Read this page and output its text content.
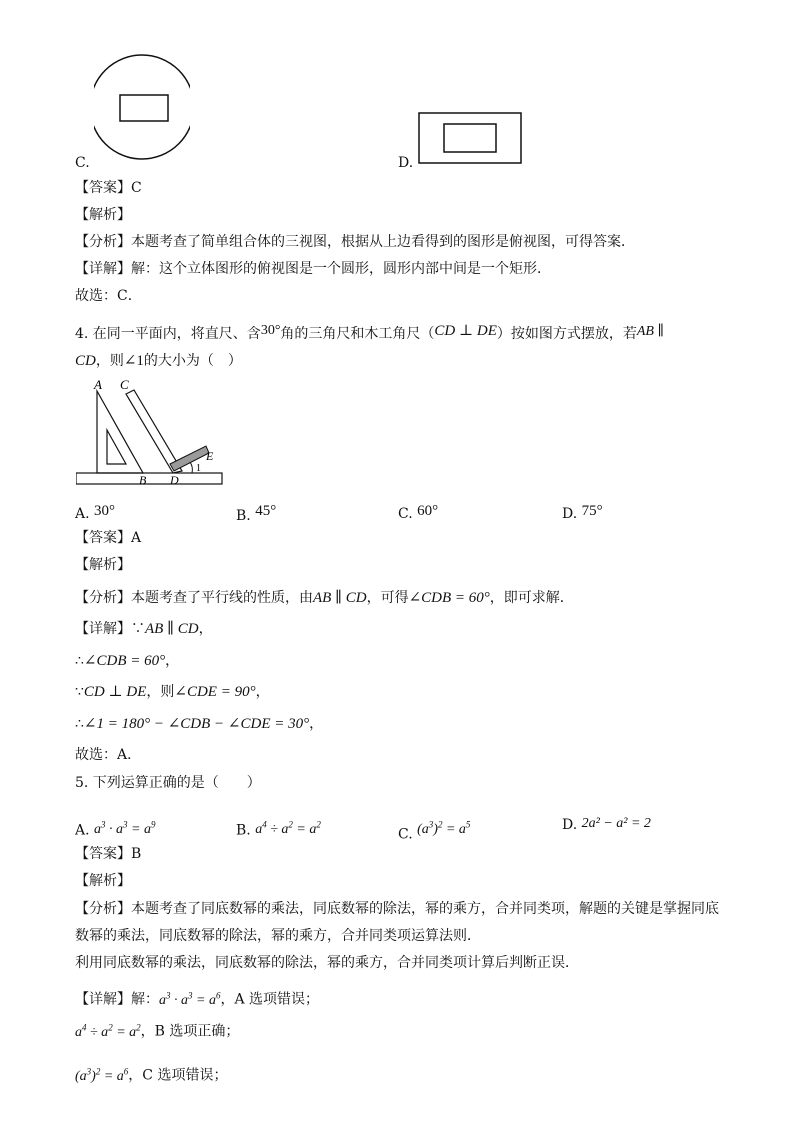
C.	D.
【答案】C
【解析】
【分析】本题考查了简单组合体的三视图，根据从上边看得到的图形是俯视图，可得答案．
【详解】解：这个立体图形的俯视图是一个圆形，圆形内部中间是一个矩形．
故选：C．
4. 在同一平面内，将直尺、含30°角的三角尺和木工角尺（CD ⊥ DE）按如图方式摆放，若AB ∥
CD，则∠1的大小为（　）
A C
E
B D
1
A. 30°	B. 45°	C. 60°	D. 75°
【答案】A
【解析】
【分析】本题考查了平行线的性质，由AB ∥ CD，可得∠CDB = 60°，即可求解．
【详解】∵AB ∥ CD，
∴∠CDB = 60°，
∵CD ⊥ DE，则∠CDE = 90°，
∴∠1 = 180° − ∠CDB − ∠CDE = 30°，
故选：A．
5. 下列运算正确的是（　　）
A. $a^3 \cdot a^3 = a^9$	B. $a^4 \div a^2 = a^2$
C. $(a^3)^2 = a^5$	D. 2a² − a² = 2
【答案】B
【解析】
【分析】本题考查了同底数幂的乘法，同底数幂的除法，幂的乘方，合并同类项，解题的关键是掌握同底
数幂的乘法，同底数幂的除法，幂的乘方，合并同类项运算法则．
利用同底数幂的乘法，同底数幂的除法，幂的乘方，合并同类项计算后判断正误．
【详解】解：$a^3 \cdot a^3 = a^6$，A 选项错误；
$a^4 \div a^2 = a^2$，B 选项正确；
$(a^3)^2 = a^6$，C 选项错误；
